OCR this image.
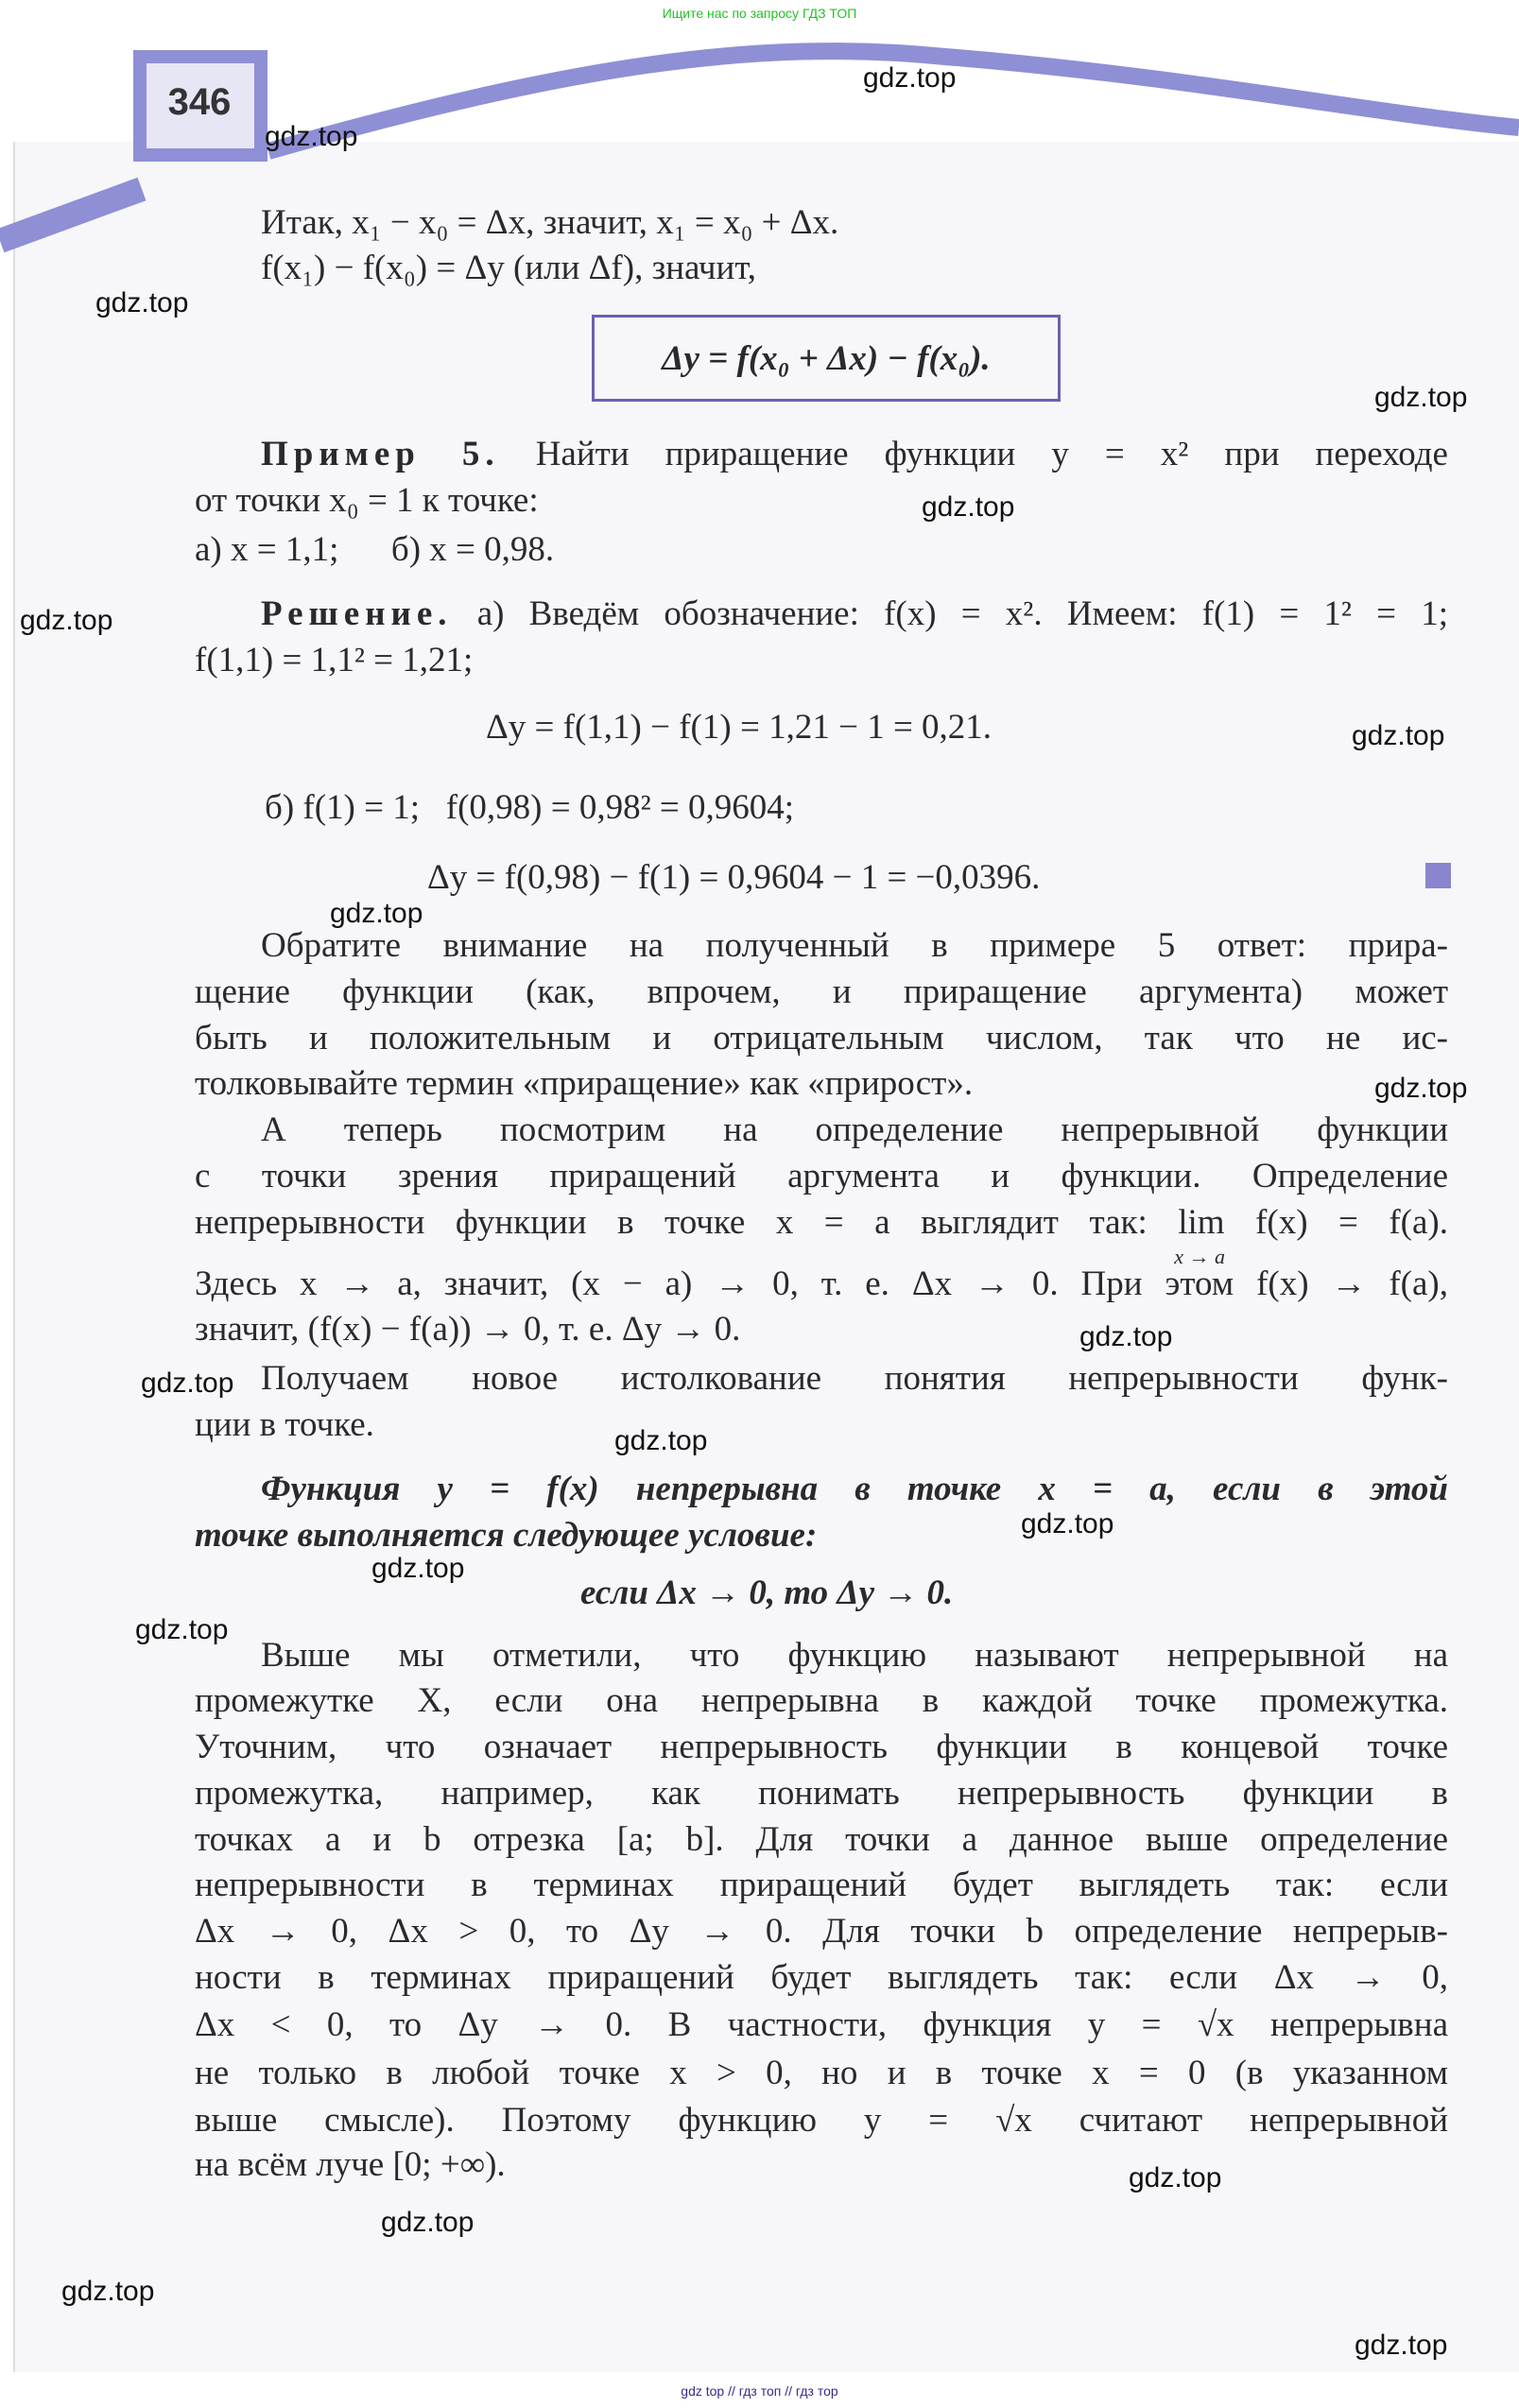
Ищите нас по запросу ГДЗ ТОП
346
Итак, x₁ − x₀ = Δx, значит, x₁ = x₀ + Δx.
f(x₁) − f(x₀) = Δy (или Δf), значит,
Δy = f(x₀ + Δx) − f(x₀).
Пример 5. Найти приращение функции y = x² при переходе
от точки x₀ = 1 к точке:
а) x = 1,1;      б) x = 0,98.
Решение. а) Введём обозначение: f(x) = x². Имеем: f(1) = 1² = 1;
f(1,1) = 1,1² = 1,21;
Δy = f(1,1) − f(1) = 1,21 − 1 = 0,21.
б) f(1) = 1;   f(0,98) = 0,98² = 0,9604;
Δy = f(0,98) − f(1) = 0,9604 − 1 = −0,0396.
Обратите внимание на полученный в примере 5 ответ: прира-
щение функции (как, впрочем, и приращение аргумента) может
быть и положительным и отрицательным числом, так что не ис-
толковывайте термин «приращение» как «прирост».
А теперь посмотрим на определение непрерывной функции
с точки зрения приращений аргумента и функции. Определение
непрерывности функции в точке x = a выглядит так: lim
x → a
f(x) = f(a).
Здесь x → a, значит, (x − a) → 0, т. е. Δx → 0. При этом f(x) → f(a),
значит, (f(x) − f(a)) → 0, т. е. Δy → 0.
Получаем новое истолкование понятия непрерывности функ-
ции в точке.
Функция y = f(x) непрерывна в точке x = a, если в этой
точке выполняется следующее условие:
если Δx → 0, то Δy → 0.
Выше мы отметили, что функцию называют непрерывной на
промежутке X, если она непрерывна в каждой точке промежутка.
Уточним, что означает непрерывность функции в концевой точке
промежутка, например, как понимать непрерывность функции в
точках a и b отрезка [a; b]. Для точки a данное выше определение
непрерывности в терминах приращений будет выглядеть так: если
Δx → 0, Δx > 0, то Δy → 0. Для точки b определение непрерыв-
ности в терминах приращений будет выглядеть так: если Δx → 0,
Δx < 0, то Δy → 0. В частности, функция y = √x непрерывна
не только в любой точке x > 0, но и в точке x = 0 (в указанном
выше смысле). Поэтому функцию y = √x считают непрерывной
на всём луче [0; +∞).
gdz.top
gdz.top
gdz.top
gdz.top
gdz.top
gdz.top
gdz.top
gdz.top
gdz.top
gdz.top
gdz.top
gdz.top
gdz.top
gdz.top
gdz.top
gdz.top
gdz.top
gdz.top
gdz.top
gdz top // гдз топ // гдз тор
